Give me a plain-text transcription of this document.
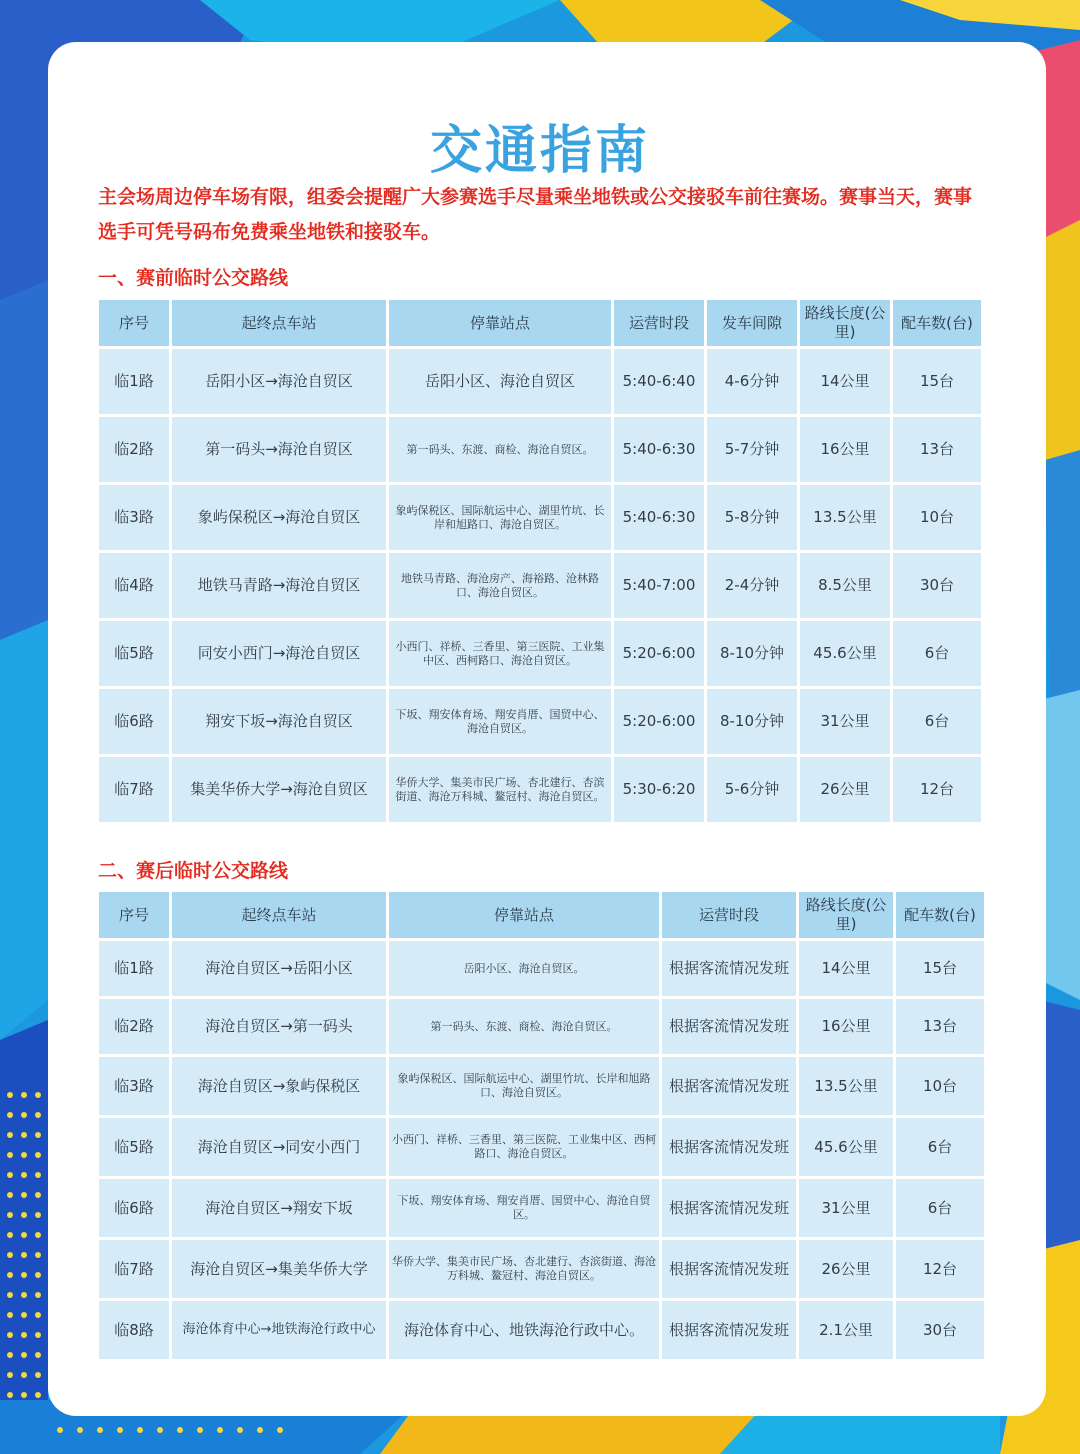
交通指南
主会场周边停车场有限，组委会提醒广大参赛选手尽量乘坐地铁或公交接驳车前往赛场。赛事当天，赛事选手可凭号码布免费乘坐地铁和接驳车。
一、赛前临时公交路线
序号	起终点车站	停靠站点	运营时段	发车间隙	路线长度(公里)	配车数(台)
临1路	岳阳小区→海沧自贸区	岳阳小区、海沧自贸区	5:40-6:40	4-6分钟	14公里	15台
临2路	第一码头→海沧自贸区	第一码头、东渡、商检、海沧自贸区。	5:40-6:30	5-7分钟	16公里	13台
临3路	象屿保税区→海沧自贸区	象屿保税区、国际航运中心、湖里竹坑、长岸和旭路口、海沧自贸区。	5:40-6:30	5-8分钟	13.5公里	10台
临4路	地铁马青路→海沧自贸区	地铁马青路、海沧房产、海裕路、沧林路口、海沧自贸区。	5:40-7:00	2-4分钟	8.5公里	30台
临5路	同安小西门→海沧自贸区	小西门、祥桥、三香里、第三医院、工业集中区、西柯路口、海沧自贸区。	5:20-6:00	8-10分钟	45.6公里	6台
临6路	翔安下坂→海沧自贸区	下坂、翔安体育场、翔安肖厝、国贸中心、海沧自贸区。	5:20-6:00	8-10分钟	31公里	6台
临7路	集美华侨大学→海沧自贸区	华侨大学、集美市民广场、杏北建行、杏滨街道、海沧万科城、鳌冠村、海沧自贸区。	5:30-6:20	5-6分钟	26公里	12台
二、赛后临时公交路线
序号	起终点车站	停靠站点	运营时段	路线长度(公里)	配车数(台)
临1路	海沧自贸区→岳阳小区	岳阳小区、海沧自贸区。	根据客流情况发班	14公里	15台
临2路	海沧自贸区→第一码头	第一码头、东渡、商检、海沧自贸区。	根据客流情况发班	16公里	13台
临3路	海沧自贸区→象屿保税区	象屿保税区、国际航运中心、湖里竹坑、长岸和旭路口、海沧自贸区。	根据客流情况发班	13.5公里	10台
临5路	海沧自贸区→同安小西门	小西门、祥桥、三香里、第三医院、工业集中区、西柯路口、海沧自贸区。	根据客流情况发班	45.6公里	6台
临6路	海沧自贸区→翔安下坂	下坂、翔安体育场、翔安肖厝、国贸中心、海沧自贸区。	根据客流情况发班	31公里	6台
临7路	海沧自贸区→集美华侨大学	华侨大学、集美市民广场、杏北建行、杏滨街道、海沧万科城、鳌冠村、海沧自贸区。	根据客流情况发班	26公里	12台
临8路	海沧体育中心→地铁海沧行政中心	海沧体育中心、地铁海沧行政中心。	根据客流情况发班	2.1公里	30台
